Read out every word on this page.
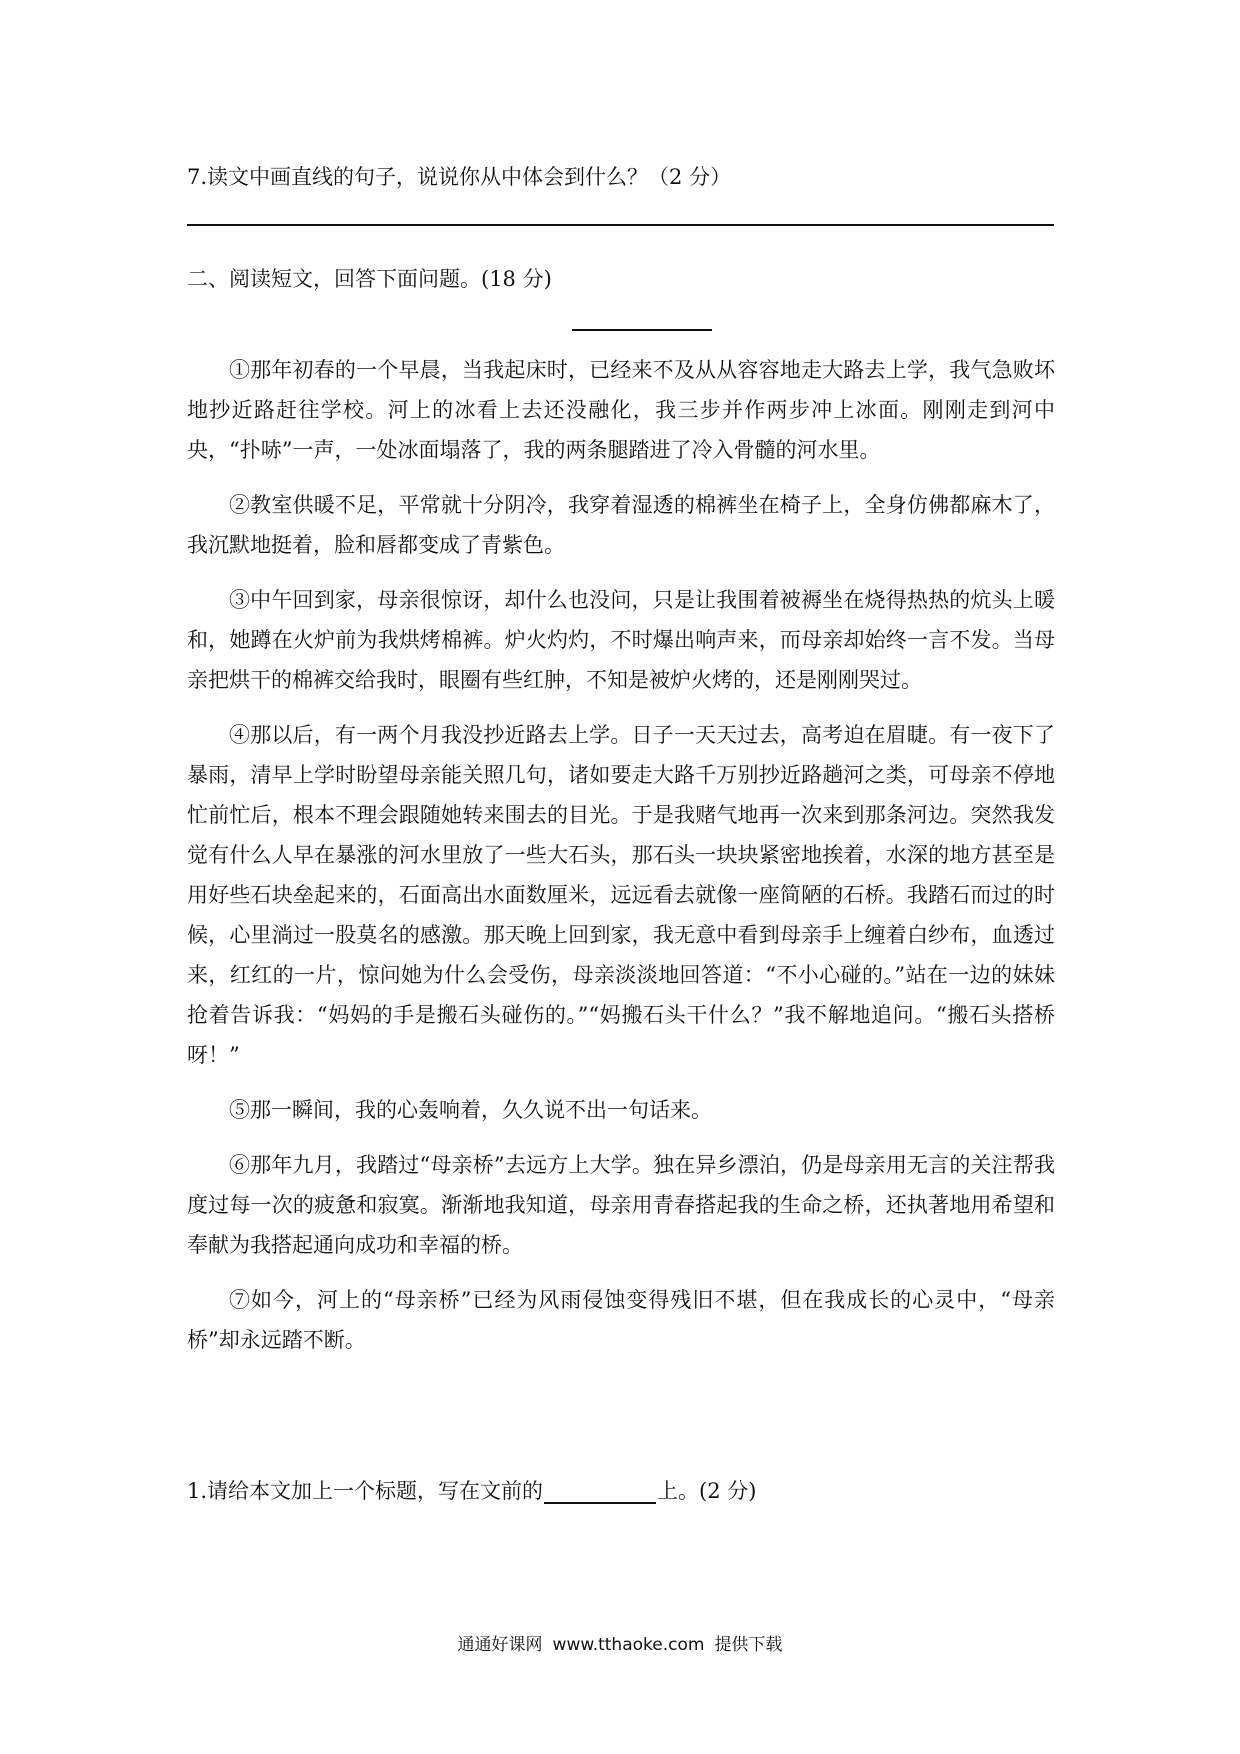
7.读文中画直线的句子，说说你从中体会到什么？（2 分）
二、阅读短文，回答下面问题。(18 分)

①那年初春的一个早晨，当我起床时，已经来不及从从容容地走大路去上学，我气急败坏地抄近路赶往学校。河上的冰看上去还没融化，我三步并作两步冲上冰面。刚刚走到河中央，“扑哧”一声，一处冰面塌落了，我的两条腿踏进了冷入骨髓的河水里。

②教室供暖不足，平常就十分阴冷，我穿着湿透的棉裤坐在椅子上，全身仿佛都麻木了，我沉默地挺着，脸和唇都变成了青紫色。

③中午回到家，母亲很惊讶，却什么也没问，只是让我围着被褥坐在烧得热热的炕头上暖和，她蹲在火炉前为我烘烤棉裤。炉火灼灼，不时爆出响声来，而母亲却始终一言不发。当母亲把烘干的棉裤交给我时，眼圈有些红肿，不知是被炉火烤的，还是刚刚哭过。

④那以后，有一两个月我没抄近路去上学。日子一天天过去，高考迫在眉睫。有一夜下了暴雨，清早上学时盼望母亲能关照几句，诸如要走大路千万别抄近路趟河之类，可母亲不停地忙前忙后，根本不理会跟随她转来围去的目光。于是我赌气地再一次来到那条河边。突然我发觉有什么人早在暴涨的河水里放了一些大石头，那石头一块块紧密地挨着，水深的地方甚至是用好些石块垒起来的，石面高出水面数厘米，远远看去就像一座简陋的石桥。我踏石而过的时候，心里淌过一股莫名的感激。那天晚上回到家，我无意中看到母亲手上缠着白纱布，血透过来，红红的一片，惊问她为什么会受伤，母亲淡淡地回答道：“不小心碰的。”站在一边的妹妹抢着告诉我：“妈妈的手是搬石头碰伤的。”“妈搬石头干什么？”我不解地追问。“搬石头搭桥呀！”

⑤那一瞬间，我的心轰响着，久久说不出一句话来。

⑥那年九月，我踏过“母亲桥”去远方上大学。独在异乡漂泊，仍是母亲用无言的关注帮我度过每一次的疲惫和寂寞。渐渐地我知道，母亲用青春搭起我的生命之桥，还执著地用希望和奉献为我搭起通向成功和幸福的桥。

⑦如今，河上的“母亲桥”已经为风雨侵蚀变得残旧不堪，但在我成长的心灵中，“母亲桥”却永远踏不断。

1.请给本文加上一个标题，写在文前的	上。(2 分)
通通好课网 www.tthaoke.com 提供下载
